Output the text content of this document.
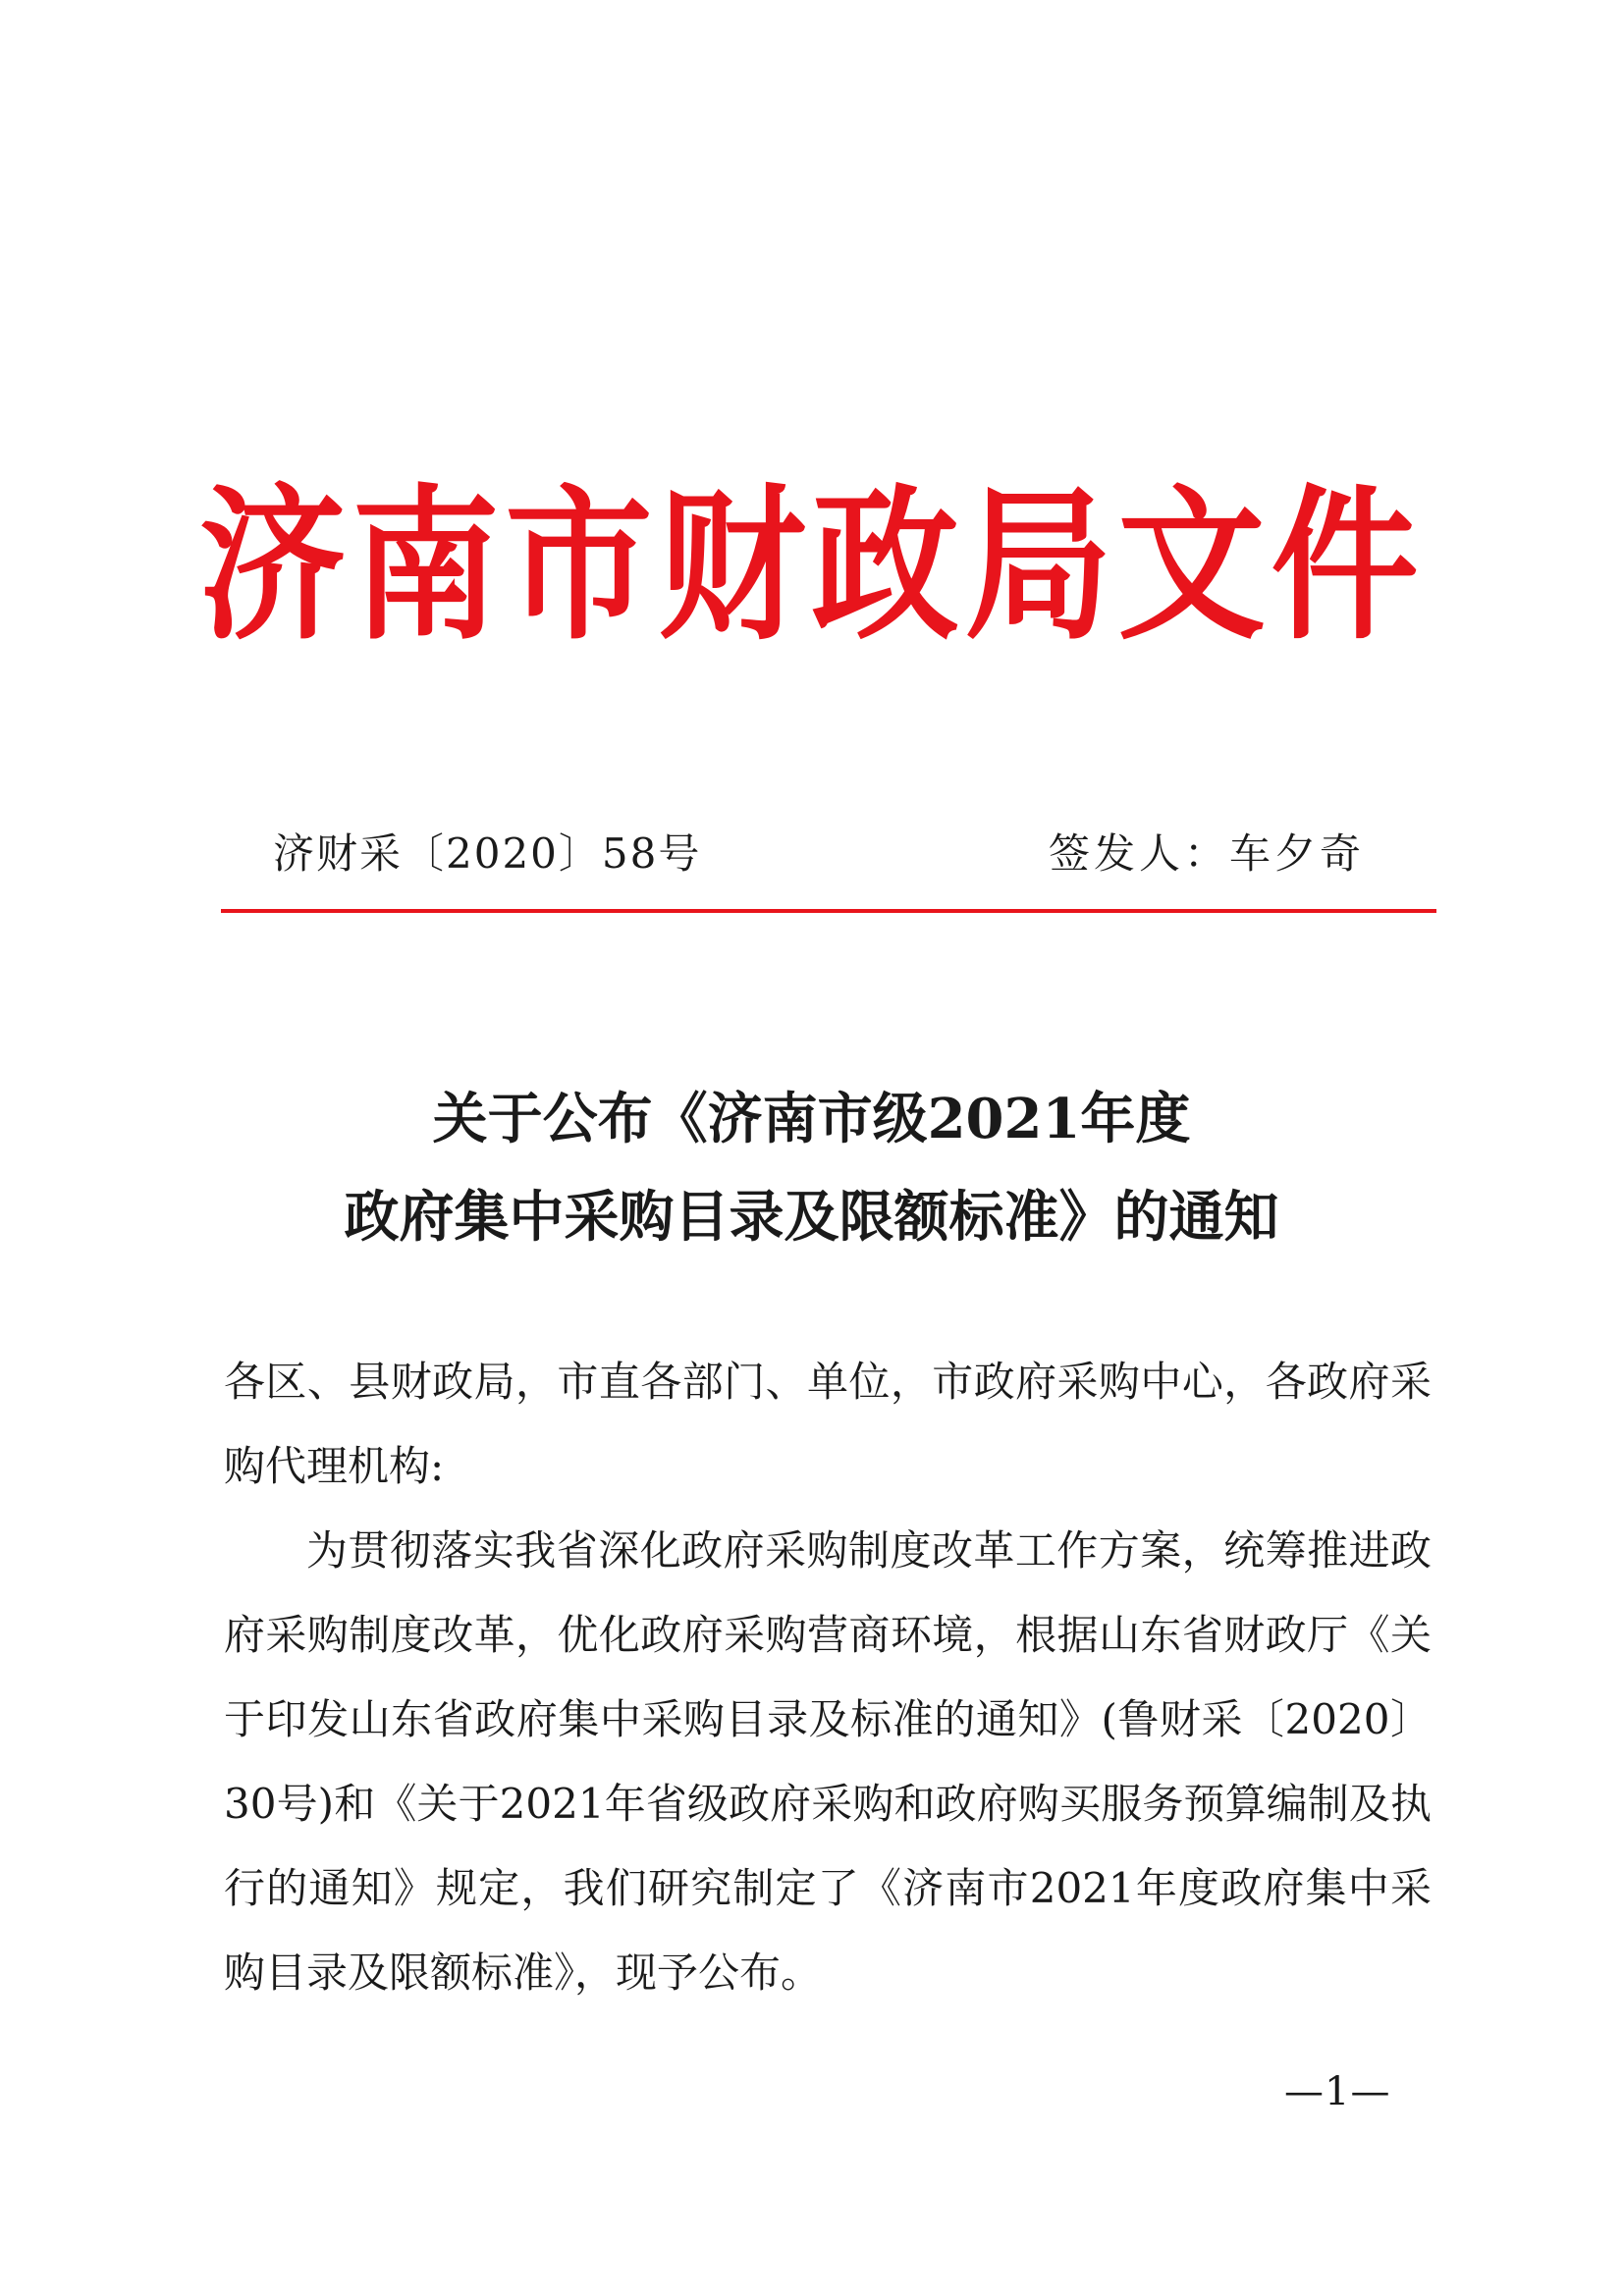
济南市财政局文件
济财采〔2020〕58号	签发人：车夕奇
关于公布《济南市级2021年度
政府集中采购目录及限额标准》的通知

各区、县财政局，市直各部门、单位，市政府采购中心，各政府采购代理机构:

为贯彻落实我省深化政府采购制度改革工作方案，统筹推进政府采购制度改革，优化政府采购营商环境，根据山东省财政厅《关于印发山东省政府集中采购目录及标准的通知》(鲁财采〔2020〕30号)和《关于2021年省级政府采购和政府购买服务预算编制及执行的通知》规定，我们研究制定了《济南市2021年度政府集中采购目录及限额标准》，现予公布。

—1—
